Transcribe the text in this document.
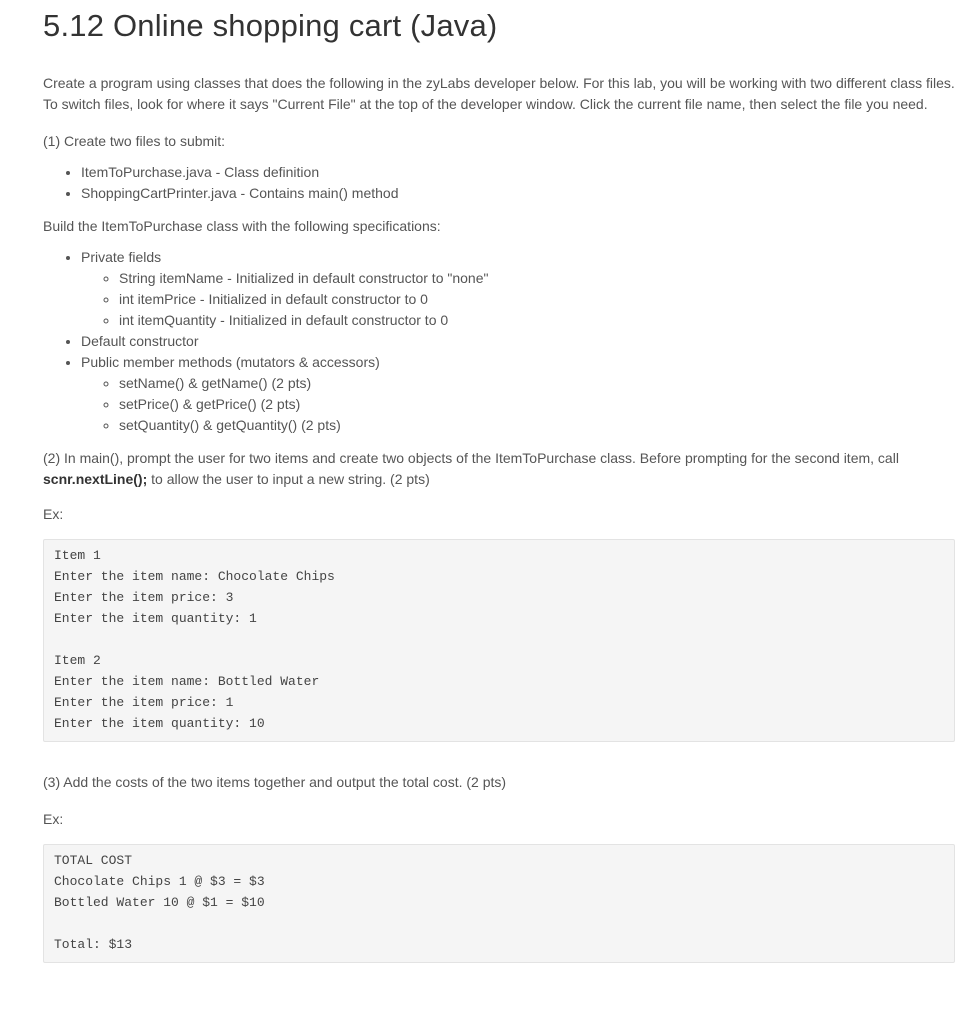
5.12 Online shopping cart (Java)

Create a program using classes that does the following in the zyLabs developer below. For this lab, you will be working with two different class files. To switch files, look for where it says "Current File" at the top of the developer window. Click the current file name, then select the file you need.

(1) Create two files to submit:

• ItemToPurchase.java - Class definition
• ShoppingCartPrinter.java - Contains main() method

Build the ItemToPurchase class with the following specifications:

• Private fields
◦ String itemName - Initialized in default constructor to "none"
◦ int itemPrice - Initialized in default constructor to 0
◦ int itemQuantity - Initialized in default constructor to 0
• Default constructor
• Public member methods (mutators & accessors)
◦ setName() & getName() (2 pts)
◦ setPrice() & getPrice() (2 pts)
◦ setQuantity() & getQuantity() (2 pts)

(2) In main(), prompt the user for two items and create two objects of the ItemToPurchase class. Before prompting for the second item, call scnr.nextLine(); to allow the user to input a new string. (2 pts)

Ex:

Item 1
Enter the item name: Chocolate Chips
Enter the item price: 3
Enter the item quantity: 1
Item 2
Enter the item name: Bottled Water
Enter the item price: 1
Enter the item quantity: 10

(3) Add the costs of the two items together and output the total cost. (2 pts)

Ex:

TOTAL COST
Chocolate Chips 1 @ $3 = $3
Bottled Water 10 @ $1 = $10
Total: $13
